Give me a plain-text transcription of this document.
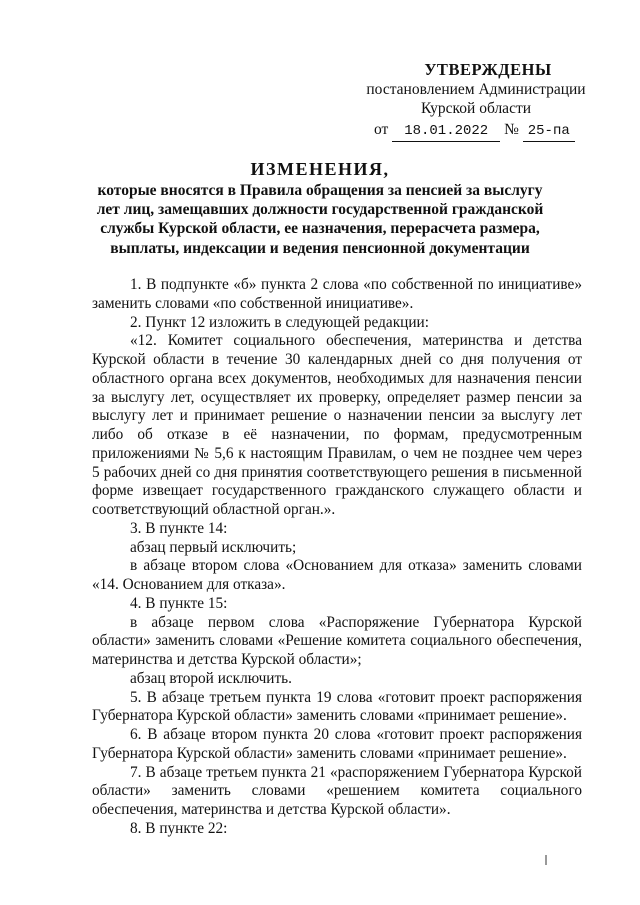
УТВЕРЖДЕНЫ
постановлением Администрации
Курской области
от 18.01.2022 № 25-па
ИЗМЕНЕНИЯ,
которые вносятся в Правила обращения за пенсией за выслугу лет лиц, замещавших должности государственной гражданской службы Курской области, ее назначения, перерасчета размера, выплаты, индексации и ведения пенсионной документации

1. В подпункте «б» пункта 2 слова «по собственной по инициативе» заменить словами «по собственной инициативе».

2. Пункт 12 изложить в следующей редакции:

«12. Комитет социального обеспечения, материнства и детства Курской области в течение 30 календарных дней со дня получения от областного органа всех документов, необходимых для назначения пенсии за выслугу лет, осуществляет их проверку, определяет размер пенсии за выслугу лет и принимает решение о назначении пенсии за выслугу лет либо об отказе в её назначении, по формам, предусмотренным приложениями № 5,6 к настоящим Правилам, о чем не позднее чем через 5 рабочих дней со дня принятия соответствующего решения в письменной форме извещает государственного гражданского служащего области и соответствующий областной орган.».

3. В пункте 14:

абзац первый исключить;

в абзаце втором слова «Основанием для отказа» заменить словами «14. Основанием для отказа».

4. В пункте 15:

в абзаце первом слова «Распоряжение Губернатора Курской области» заменить словами «Решение комитета социального обеспечения, материнства и детства Курской области»;

абзац второй исключить.

5. В абзаце третьем пункта 19 слова «готовит проект распоряжения Губернатора Курской области» заменить словами «принимает решение».

6. В абзаце втором пункта 20 слова «готовит проект распоряжения Губернатора Курской области» заменить словами «принимает решение».

7. В абзаце третьем пункта 21 «распоряжением Губернатора Курской области» заменить словами «решением комитета социального обеспечения, материнства и детства Курской области».

8. В пункте 22:
